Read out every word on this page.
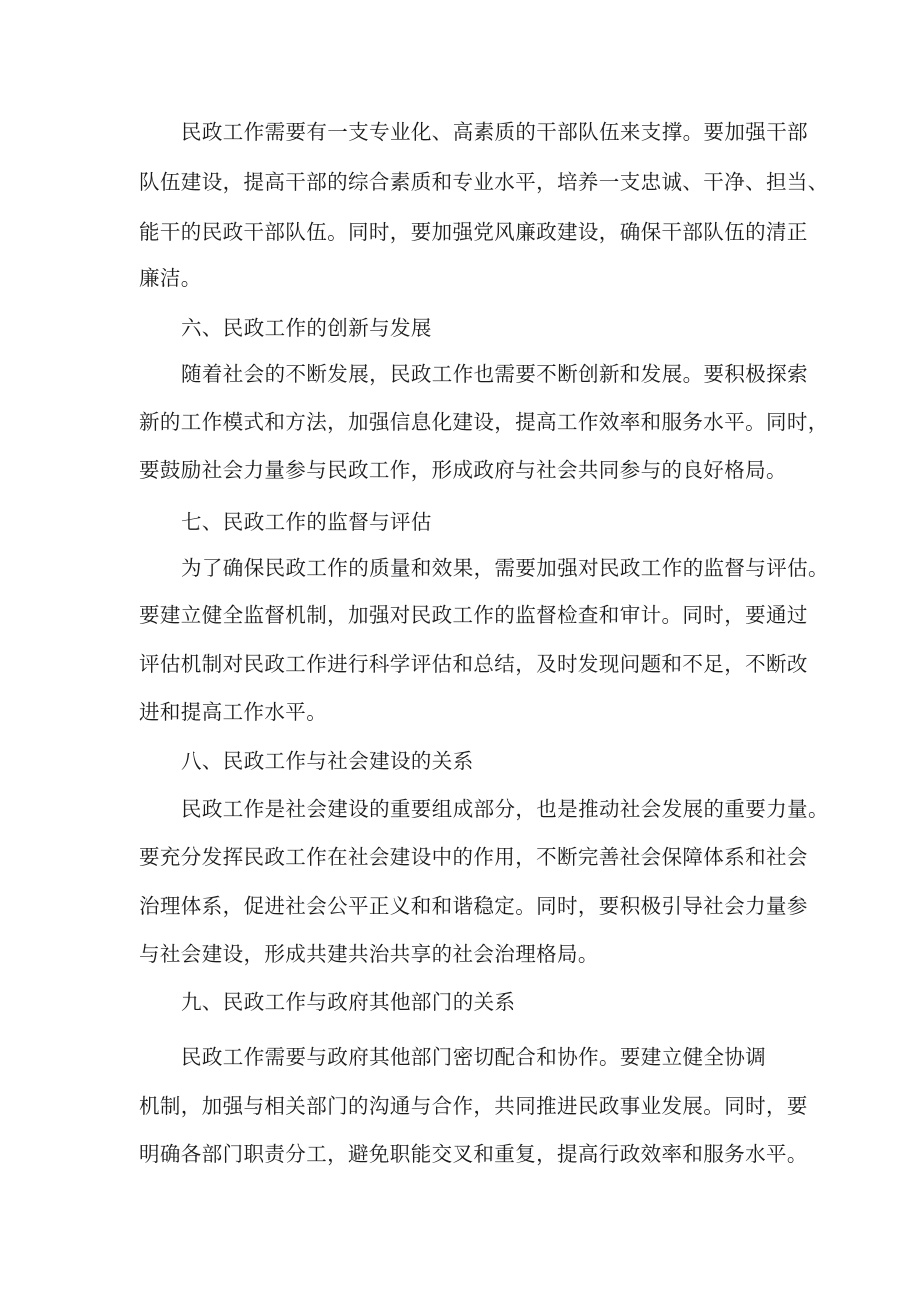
民政工作需要有一支专业化、高素质的干部队伍来支撑。要加强干部
队伍建设，提高干部的综合素质和专业水平，培养一支忠诚、干净、担当、
能干的民政干部队伍。同时，要加强党风廉政建设，确保干部队伍的清正
廉洁。
六、民政工作的创新与发展
随着社会的不断发展，民政工作也需要不断创新和发展。要积极探索
新的工作模式和方法，加强信息化建设，提高工作效率和服务水平。同时，
要鼓励社会力量参与民政工作，形成政府与社会共同参与的良好格局。
七、民政工作的监督与评估
为了确保民政工作的质量和效果，需要加强对民政工作的监督与评估。
要建立健全监督机制，加强对民政工作的监督检查和审计。同时，要通过
评估机制对民政工作进行科学评估和总结，及时发现问题和不足，不断改
进和提高工作水平。
八、民政工作与社会建设的关系
民政工作是社会建设的重要组成部分，也是推动社会发展的重要力量。
要充分发挥民政工作在社会建设中的作用，不断完善社会保障体系和社会
治理体系，促进社会公平正义和和谐稳定。同时，要积极引导社会力量参
与社会建设，形成共建共治共享的社会治理格局。
九、民政工作与政府其他部门的关系
民政工作需要与政府其他部门密切配合和协作。要建立健全协调
机制，加强与相关部门的沟通与合作，共同推进民政事业发展。同时，要
明确各部门职责分工，避免职能交叉和重复，提高行政效率和服务水平。
